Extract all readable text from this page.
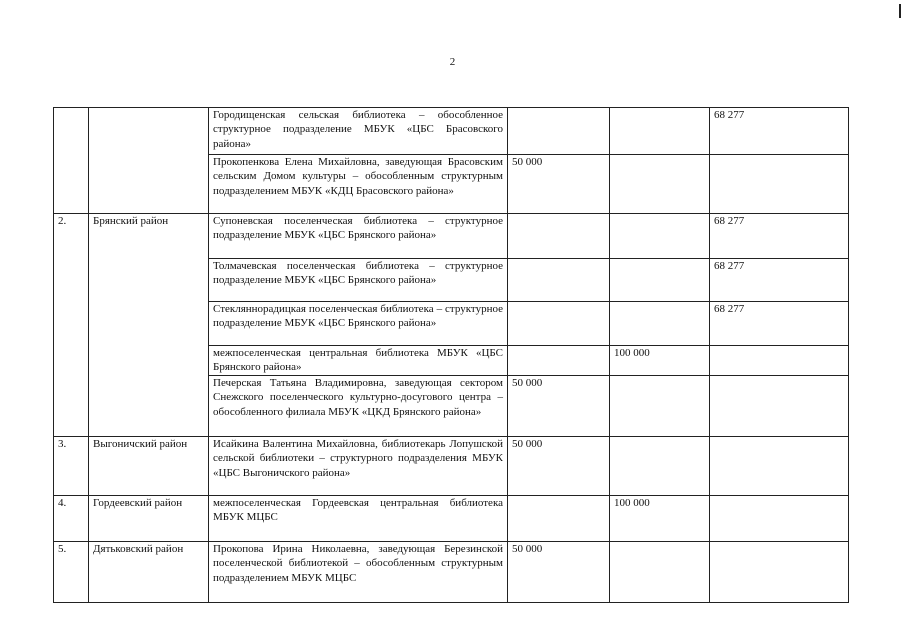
2
		Городищенская сельская библиотека – обособленное структурное подразделение МБУК «ЦБС Брасовского района»			68 277
		Прокопенкова Елена Михайловна, заведующая Брасовским сельским Домом культуры – обособленным структурным подразделением МБУК «КДЦ Брасовского района»	50 000		
2.	Брянский район	Супоневская поселенческая библиотека – структурное подразделение МБУК «ЦБС Брянского района»			68 277
		Толмачевская поселенческая библиотека – структурное подразделение МБУК «ЦБС Брянского района»			68 277
		Стекляннорадицкая поселенческая библиотека – структурное подразделение МБУК «ЦБС Брянского района»			68 277
		межпоселенческая центральная библиотека МБУК «ЦБС Брянского района»		100 000	
		Печерская Татьяна Владимировна, заведующая сектором Снежского поселенческого культурно-досугового центра – обособленного филиала МБУК «ЦКД Брянского района»	50 000		
3.	Выгоничский район	Исайкина Валентина Михайловна, библиотекарь Лопушской сельской библиотеки – структурного подразделения МБУК «ЦБС Выгоничского района»	50 000		
4.	Гордеевский район	межпоселенческая Гордеевская центральная библиотека МБУК МЦБС		100 000	
5.	Дятьковский район	Прокопова Ирина Николаевна, заведующая Березинской поселенческой библиотекой – обособленным структурным подразделением МБУК МЦБС	50 000		
